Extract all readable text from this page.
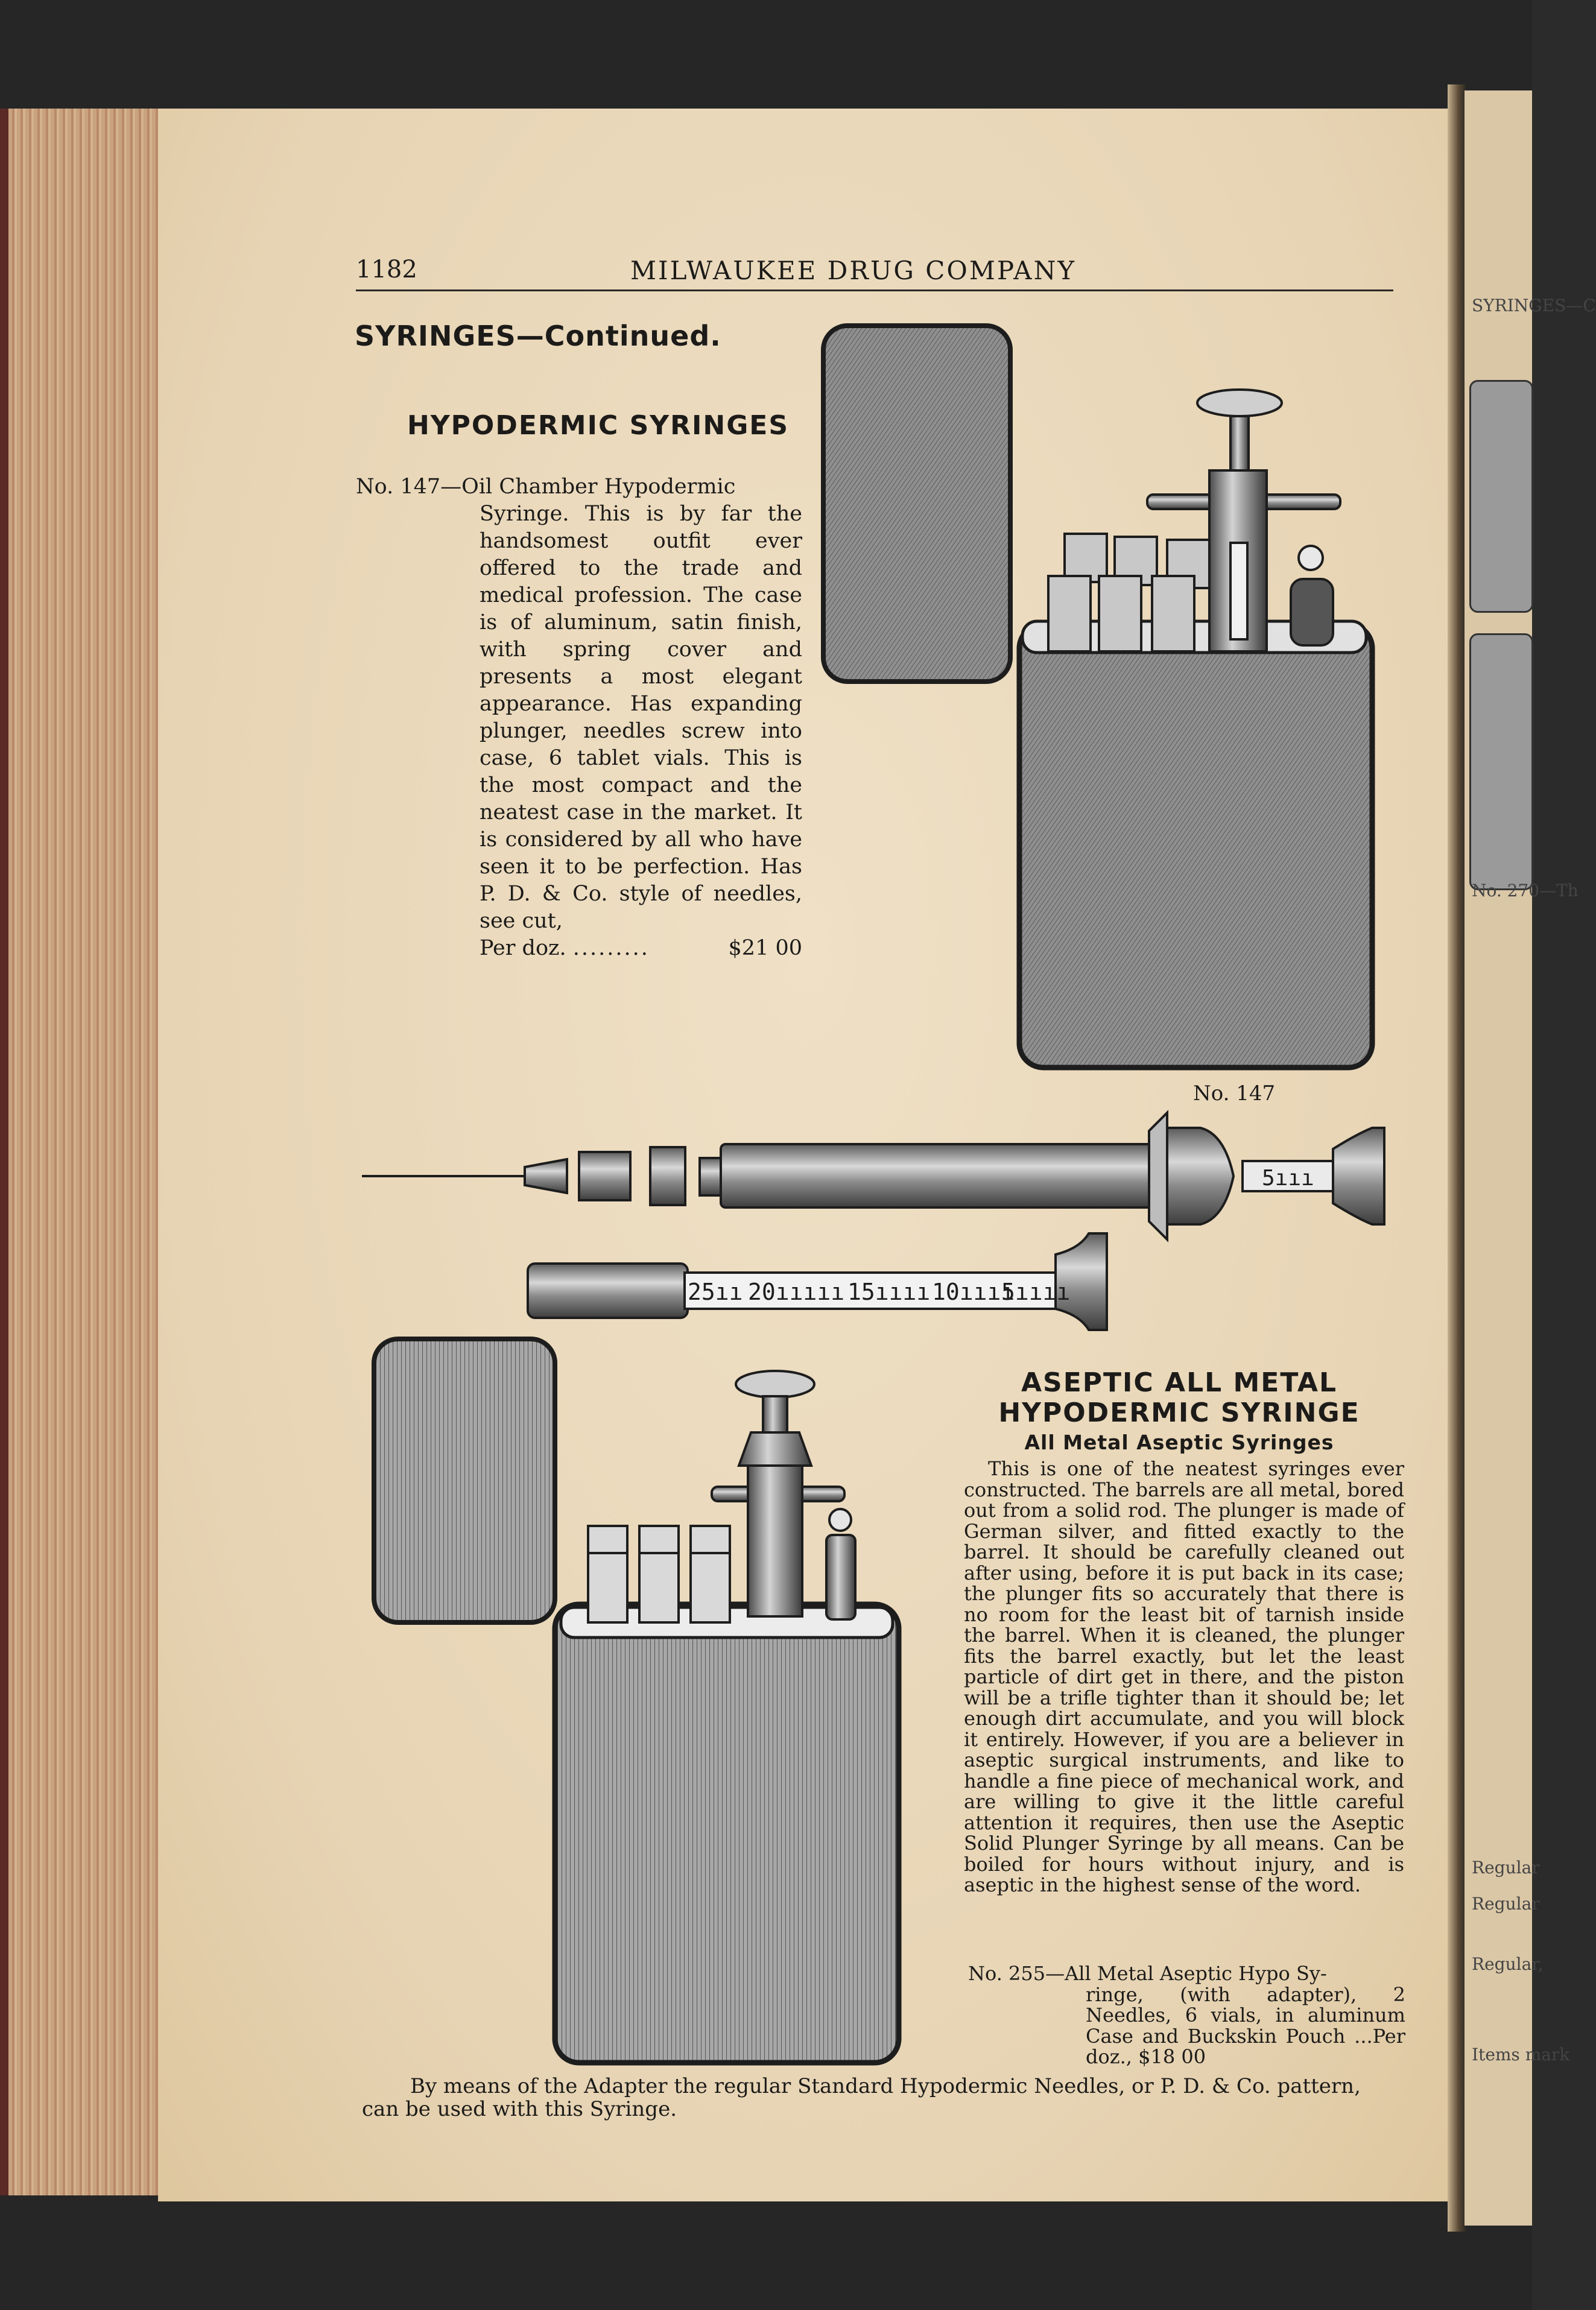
1182	MILWAUKEE DRUG COMPANY
SYRINGES—Continued.
HYPODERMIC SYRINGES
No. 147—Oil Chamber Hypodermic
Syringe. This is by far the handsomest outfit ever offered to the trade and medical profession. The case is of aluminum, satin finish, with spring cover and presents a most elegant appearance. Has expanding plunger, needles screw into case, 6 tablet vials. This is the most compact and the neatest case in the market. It is considered by all who have seen it to be perfection. Has P. D. & Co. style of needles, see cut,
Per doz. .........	$21 00
5ııı
25ıı 20ııııı 15ıııı 10ıııı
5ıııı
No. 147
ASEPTIC ALL METAL
HYPODERMIC SYRINGE
All Metal Aseptic Syringes
This is one of the neatest syringes ever constructed. The barrels are all metal, bored out from a solid rod. The plunger is made of German silver, and fitted exactly to the barrel. It should be carefully cleaned out after using, before it is put back in its case; the plunger fits so accurately that there is no room for the least bit of tarnish inside the barrel. When it is cleaned, the plunger fits the barrel exactly, but let the least particle of dirt get in there, and the piston will be a trifle tighter than it should be; let enough dirt accumulate, and you will block it entirely. However, if you are a believer in aseptic surgical instruments, and like to handle a fine piece of mechanical work, and are willing to give it the little careful attention it requires, then use the Aseptic Solid Plunger Syringe by all means. Can be boiled for hours without injury, and is aseptic in the highest sense of the word.
No. 255—All Metal Aseptic Hypo Sy-
ringe, (with adapter), 2 Needles, 6 vials, in aluminum Case and Buckskin Pouch ...Per doz., $18 00
By means of the Adapter the regular Standard Hypodermic Needles, or P. D. & Co. pattern, can be used with this Syringe.
SYRINGES—C
No. 270—Th
Regular
Regular
Regular,
Items mark
